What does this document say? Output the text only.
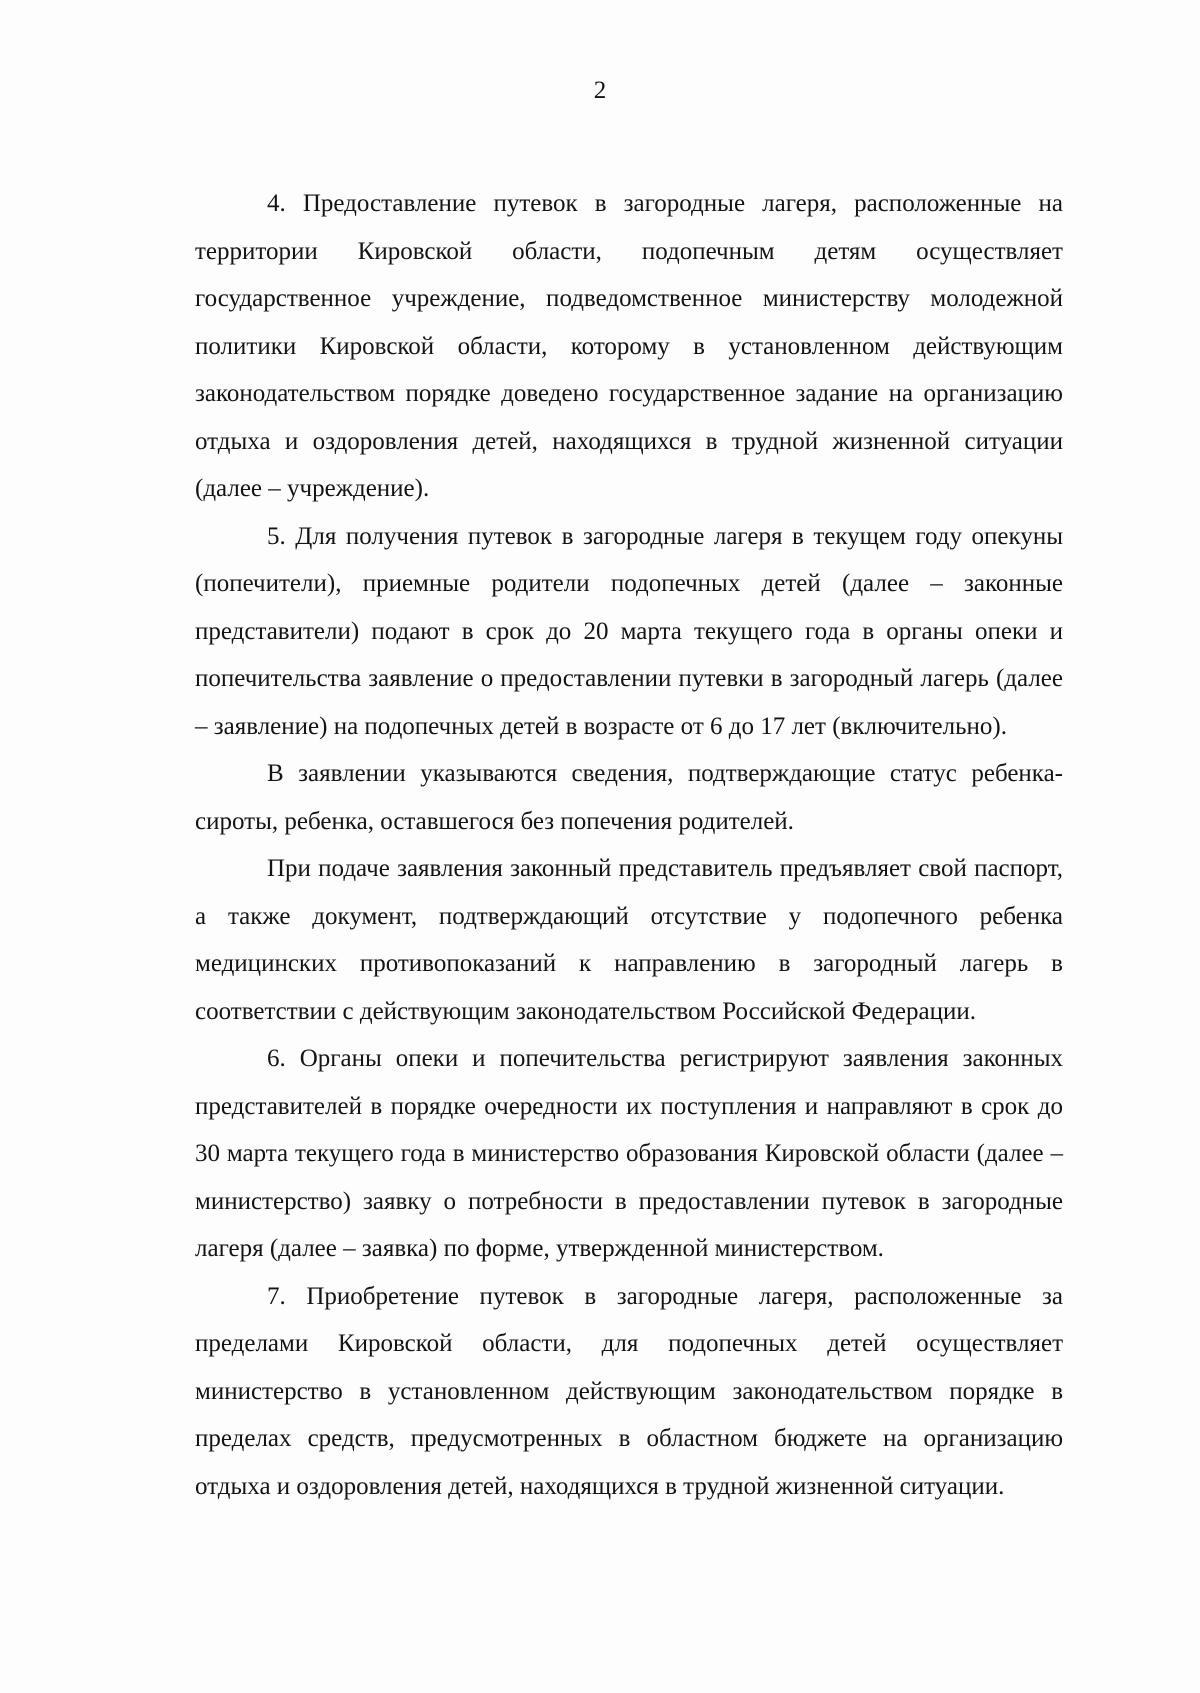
2

4. Предоставление путевок в загородные лагеря, расположенные на территории Кировской области, подопечным детям осуществляет государственное учреждение, подведомственное министерству молодежной политики Кировской области, которому в установленном действующим законодательством порядке доведено государственное задание на организацию отдыха и оздоровления детей, находящихся в трудной жизненной ситуации (далее – учреждение).

5. Для получения путевок в загородные лагеря в текущем году опекуны (попечители), приемные родители подопечных детей (далее – законные представители) подают в срок до 20 марта текущего года в органы опеки и попечительства заявление о предоставлении путевки в загородный лагерь (далее – заявление) на подопечных детей в возрасте от 6 до 17 лет (включительно).

В заявлении указываются сведения, подтверждающие статус ребенка-сироты, ребенка, оставшегося без попечения родителей.

При подаче заявления законный представитель предъявляет свой паспорт, а также документ, подтверждающий отсутствие у подопечного ребенка медицинских противопоказаний к направлению в загородный лагерь в соответствии с действующим законодательством Российской Федерации.

6. Органы опеки и попечительства регистрируют заявления законных представителей в порядке очередности их поступления и направляют в срок до 30 марта текущего года в министерство образования Кировской области (далее – министерство) заявку о потребности в предоставлении путевок в загородные лагеря (далее – заявка) по форме, утвержденной министерством.

7. Приобретение путевок в загородные лагеря, расположенные за пределами Кировской области, для подопечных детей осуществляет министерство в установленном действующим законодательством порядке в пределах средств, предусмотренных в областном бюджете на организацию отдыха и оздоровления детей, находящихся в трудной жизненной ситуации.
